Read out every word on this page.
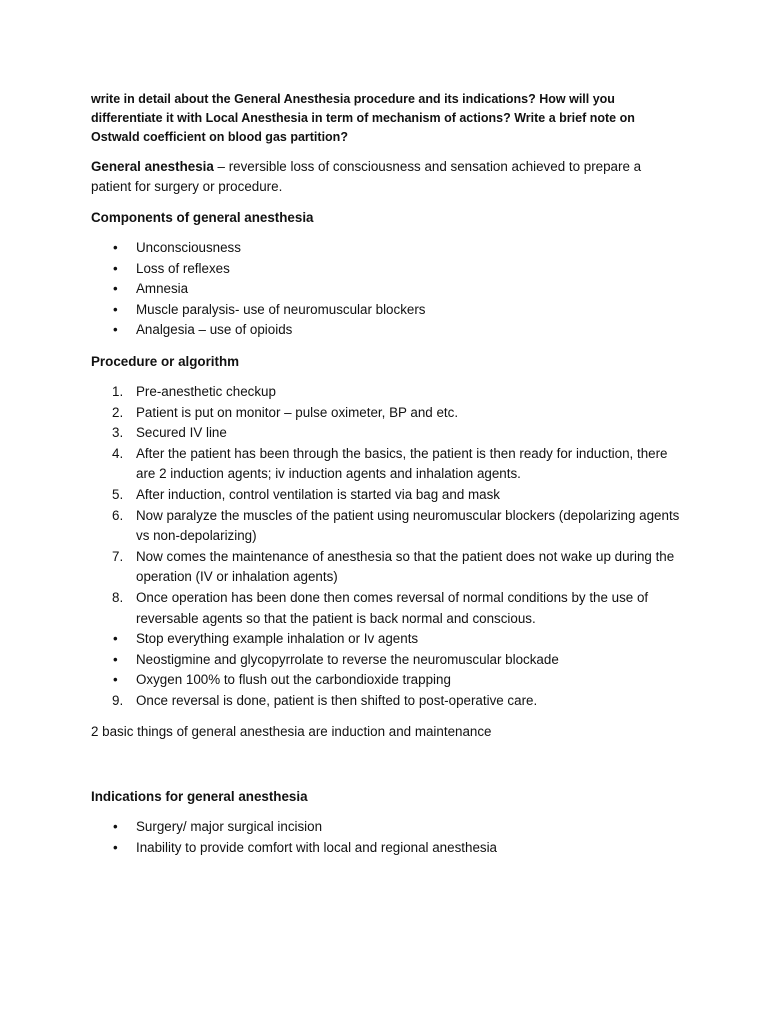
write in detail about the General Anesthesia procedure and its indications? How will you differentiate it with Local Anesthesia in term of mechanism of actions? Write a brief note on Ostwald coefficient on blood gas partition?

General anesthesia – reversible loss of consciousness and sensation achieved to prepare a patient for surgery or procedure.

Components of general anesthesia

• Unconsciousness
• Loss of reflexes
• Amnesia
• Muscle paralysis- use of neuromuscular blockers
• Analgesia – use of opioids

Procedure or algorithm

1. Pre-anesthetic checkup
2. Patient is put on monitor – pulse oximeter, BP and etc.
3. Secured IV line
4. After the patient has been through the basics, the patient is then ready for induction, there are 2 induction agents; iv induction agents and inhalation agents.
5. After induction, control ventilation is started via bag and mask
6. Now paralyze the muscles of the patient using neuromuscular blockers (depolarizing agents vs non-depolarizing)
7. Now comes the maintenance of anesthesia so that the patient does not wake up during the operation (IV or inhalation agents)
8. Once operation has been done then comes reversal of normal conditions by the use of reversable agents so that the patient is back normal and conscious.
• Stop everything example inhalation or Iv agents
• Neostigmine and glycopyrrolate to reverse the neuromuscular blockade
• Oxygen 100% to flush out the carbondioxide trapping
9. Once reversal is done, patient is then shifted to post-operative care.

2 basic things of general anesthesia are induction and maintenance

Indications for general anesthesia

• Surgery/ major surgical incision
• Inability to provide comfort with local and regional anesthesia
